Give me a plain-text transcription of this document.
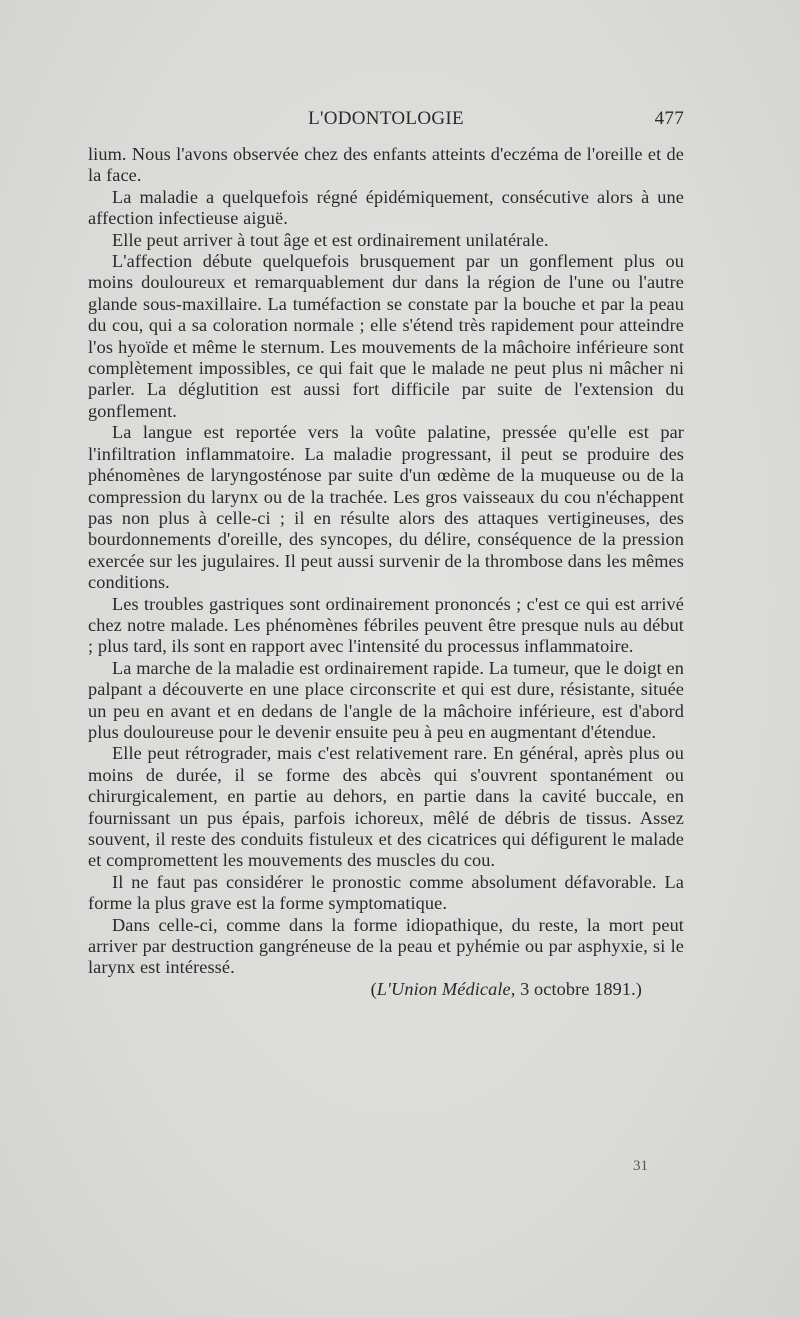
L'ODONTOLOGIE	477

lium. Nous l'avons observée chez des enfants atteints d'eczéma de l'oreille et de la face.

La maladie a quelquefois régné épidémiquement, consécutive alors à une affection infectieuse aiguë.

Elle peut arriver à tout âge et est ordinairement unilatérale.

L'affection débute quelquefois brusquement par un gonflement plus ou moins douloureux et remarquablement dur dans la région de l'une ou l'autre glande sous-maxillaire. La tuméfaction se constate par la bouche et par la peau du cou, qui a sa coloration normale ; elle s'étend très rapidement pour atteindre l'os hyoïde et même le sternum. Les mouvements de la mâchoire inférieure sont complètement impossibles, ce qui fait que le malade ne peut plus ni mâcher ni parler. La déglutition est aussi fort difficile par suite de l'extension du gonflement.

La langue est reportée vers la voûte palatine, pressée qu'elle est par l'infiltration inflammatoire. La maladie progressant, il peut se produire des phénomènes de laryngosténose par suite d'un œdème de la muqueuse ou de la compression du larynx ou de la trachée. Les gros vaisseaux du cou n'échappent pas non plus à celle-ci ; il en résulte alors des attaques vertigineuses, des bourdonnements d'oreille, des syncopes, du délire, conséquence de la pression exercée sur les jugulaires. Il peut aussi survenir de la thrombose dans les mêmes conditions.

Les troubles gastriques sont ordinairement prononcés ; c'est ce qui est arrivé chez notre malade. Les phénomènes fébriles peuvent être presque nuls au début ; plus tard, ils sont en rapport avec l'intensité du processus inflammatoire.

La marche de la maladie est ordinairement rapide. La tumeur, que le doigt en palpant a découverte en une place circonscrite et qui est dure, résistante, située un peu en avant et en dedans de l'angle de la mâchoire inférieure, est d'abord plus douloureuse pour le devenir ensuite peu à peu en augmentant d'étendue.

Elle peut rétrograder, mais c'est relativement rare. En général, après plus ou moins de durée, il se forme des abcès qui s'ouvrent spontanément ou chirurgicalement, en partie au dehors, en partie dans la cavité buccale, en fournissant un pus épais, parfois ichoreux, mêlé de débris de tissus. Assez souvent, il reste des conduits fistuleux et des cicatrices qui défigurent le malade et compromettent les mouvements des muscles du cou.

Il ne faut pas considérer le pronostic comme absolument défavorable. La forme la plus grave est la forme symptomatique.

Dans celle-ci, comme dans la forme idiopathique, du reste, la mort peut arriver par destruction gangréneuse de la peau et pyhémie ou par asphyxie, si le larynx est intéressé.

(L'Union Médicale, 3 octobre 1891.)

31
